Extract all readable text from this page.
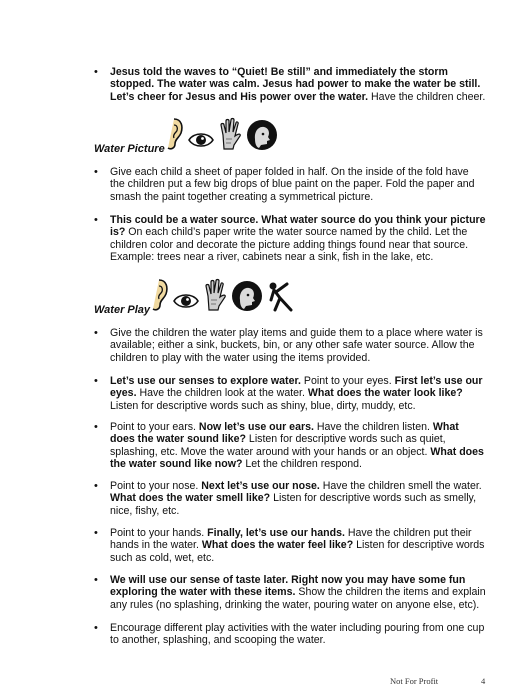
• Jesus told the waves to “Quiet! Be still” and immediately the storm stopped. The water was calm. Jesus had power to make the water be still. Let’s cheer for Jesus and His power over the water. Have the children cheer.

Water Picture

• Give each child a sheet of paper folded in half. On the inside of the fold have the children put a few big drops of blue paint on the paper. Fold the paper and smash the paint together creating a symmetrical picture.

• This could be a water source. What water source do you think your picture is? On each child’s paper write the water source named by the child. Let the children color and decorate the picture adding things found near that source. Example: trees near a river, cabinets near a sink, fish in the lake, etc.

Water Play

• Give the children the water play items and guide them to a place where water is available; either a sink, buckets, bin, or any other safe water source. Allow the children to play with the water using the items provided.

• Let’s use our senses to explore water. Point to your eyes. First let’s use our eyes. Have the children look at the water. What does the water look like? Listen for descriptive words such as shiny, blue, dirty, muddy, etc.

• Point to your ears. Now let’s use our ears. Have the children listen. What does the water sound like? Listen for descriptive words such as quiet, splashing, etc. Move the water around with your hands or an object. What does the water sound like now? Let the children respond.

• Point to your nose. Next let’s use our nose. Have the children smell the water. What does the water smell like? Listen for descriptive words such as smelly, nice, fishy, etc.

• Point to your hands. Finally, let’s use our hands. Have the children put their hands in the water. What does the water feel like? Listen for descriptive words such as cold, wet, etc.

• We will use our sense of taste later. Right now you may have some fun exploring the water with these items. Show the children the items and explain any rules (no splashing, drinking the water, pouring water on anyone else, etc).

• Encourage different play activities with the water including pouring from one cup to another, splashing, and scooping the water.

Not For Profit	4
